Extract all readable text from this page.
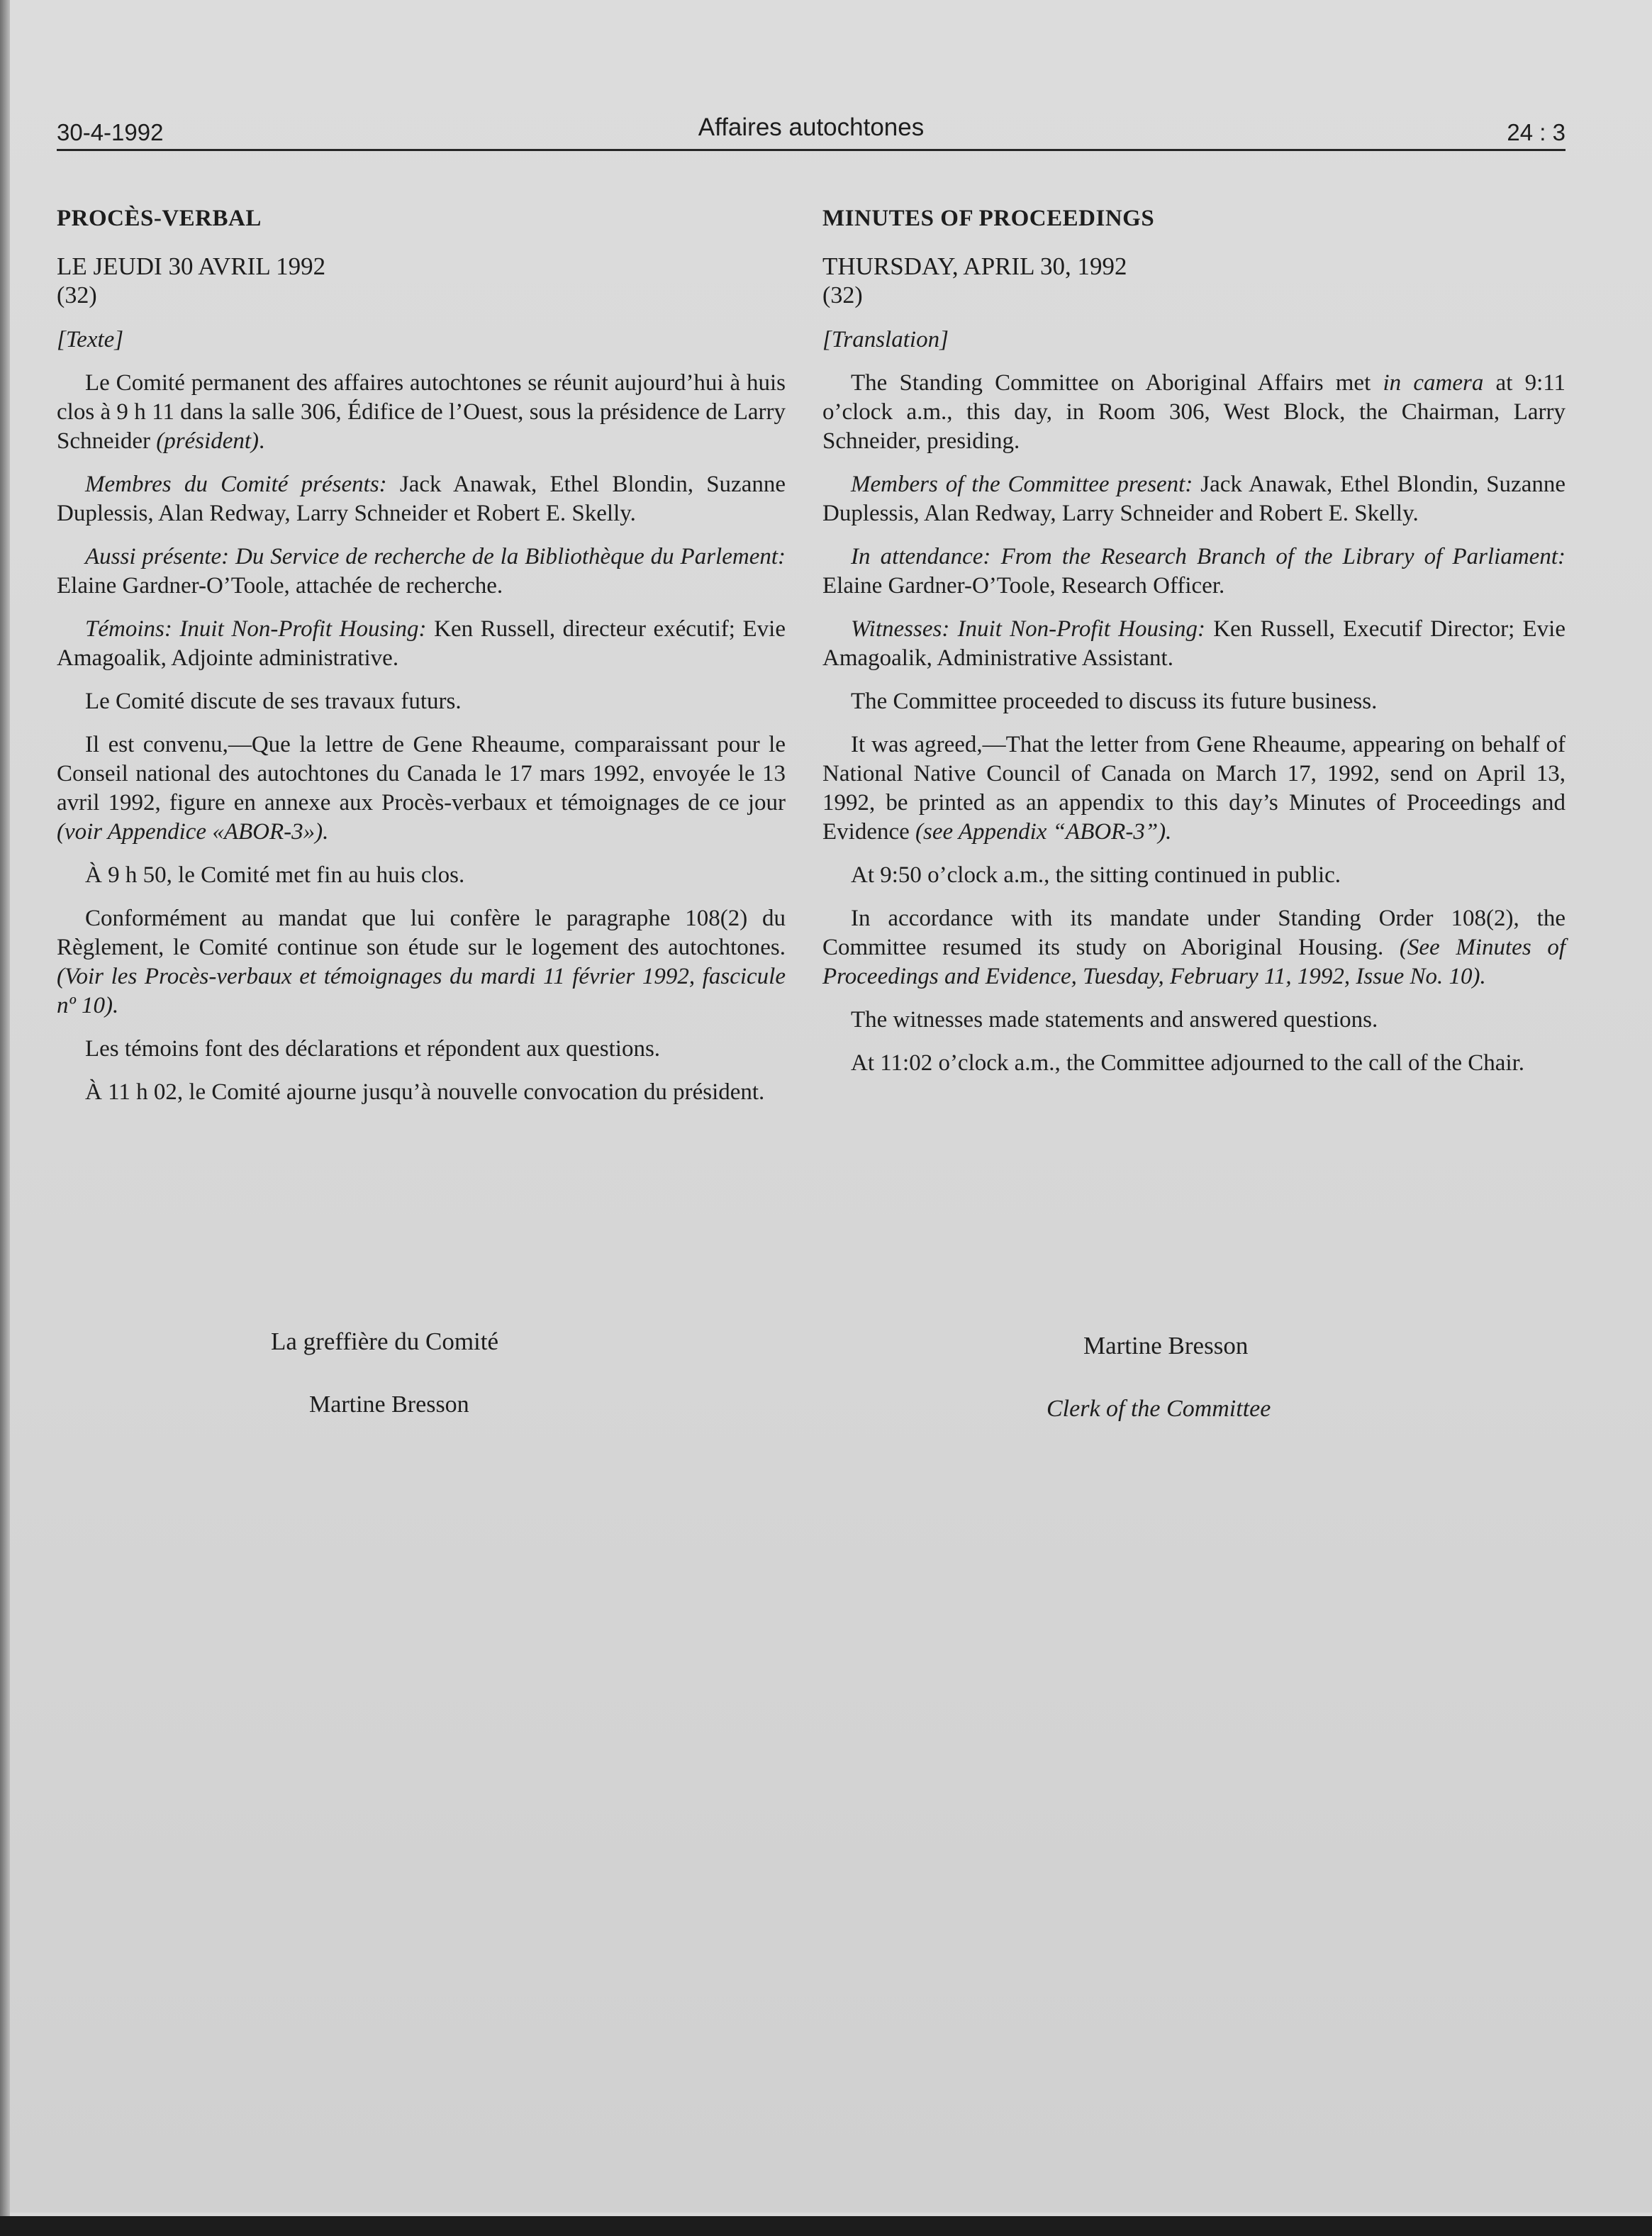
30-4-1992	Affaires autochtones	24 : 3
PROCÈS-VERBAL
LE JEUDI 30 AVRIL 1992
(32)
[Texte]

Le Comité permanent des affaires autochtones se réunit aujourd’hui à huis clos à 9 h 11 dans la salle 306, Édifice de l’Ouest, sous la présidence de Larry Schneider (président).

Membres du Comité présents: Jack Anawak, Ethel Blondin, Suzanne Duplessis, Alan Redway, Larry Schneider et Robert E. Skelly.

Aussi présente: Du Service de recherche de la Bibliothèque du Parlement: Elaine Gardner-O’Toole, attachée de recherche.

Témoins: Inuit Non-Profit Housing: Ken Russell, directeur exécutif; Evie Amagoalik, Adjointe administrative.

Le Comité discute de ses travaux futurs.

Il est convenu,—Que la lettre de Gene Rheaume, comparaissant pour le Conseil national des autochtones du Canada le 17 mars 1992, envoyée le 13 avril 1992, figure en annexe aux Procès-verbaux et témoignages de ce jour (voir Appendice «ABOR-3»).

À 9 h 50, le Comité met fin au huis clos.

Conformément au mandat que lui confère le paragraphe 108(2) du Règlement, le Comité continue son étude sur le logement des autochtones. (Voir les Procès-verbaux et témoignages du mardi 11 février 1992, fascicule nº 10).

Les témoins font des déclarations et répondent aux questions.

À 11 h 02, le Comité ajourne jusqu’à nouvelle convocation du président.

La greffière du Comité
Martine Bresson
MINUTES OF PROCEEDINGS
THURSDAY, APRIL 30, 1992
(32)
[Translation]

The Standing Committee on Aboriginal Affairs met in camera at 9:11 o’clock a.m., this day, in Room 306, West Block, the Chairman, Larry Schneider, presiding.

Members of the Committee present: Jack Anawak, Ethel Blondin, Suzanne Duplessis, Alan Redway, Larry Schneider and Robert E. Skelly.

In attendance: From the Research Branch of the Library of Parliament: Elaine Gardner-O’Toole, Research Officer.

Witnesses: Inuit Non-Profit Housing: Ken Russell, Executif Director; Evie Amagoalik, Administrative Assistant.

The Committee proceeded to discuss its future business.

It was agreed,—That the letter from Gene Rheaume, appearing on behalf of National Native Council of Canada on March 17, 1992, send on April 13, 1992, be printed as an appendix to this day’s Minutes of Proceedings and Evidence (see Appendix “ABOR-3”).

At 9:50 o’clock a.m., the sitting continued in public.

In accordance with its mandate under Standing Order 108(2), the Committee resumed its study on Aboriginal Housing. (See Minutes of Proceedings and Evidence, Tuesday, February 11, 1992, Issue No. 10).

The witnesses made statements and answered questions.

At 11:02 o’clock a.m., the Committee adjourned to the call of the Chair.

Martine Bresson
Clerk of the Committee
